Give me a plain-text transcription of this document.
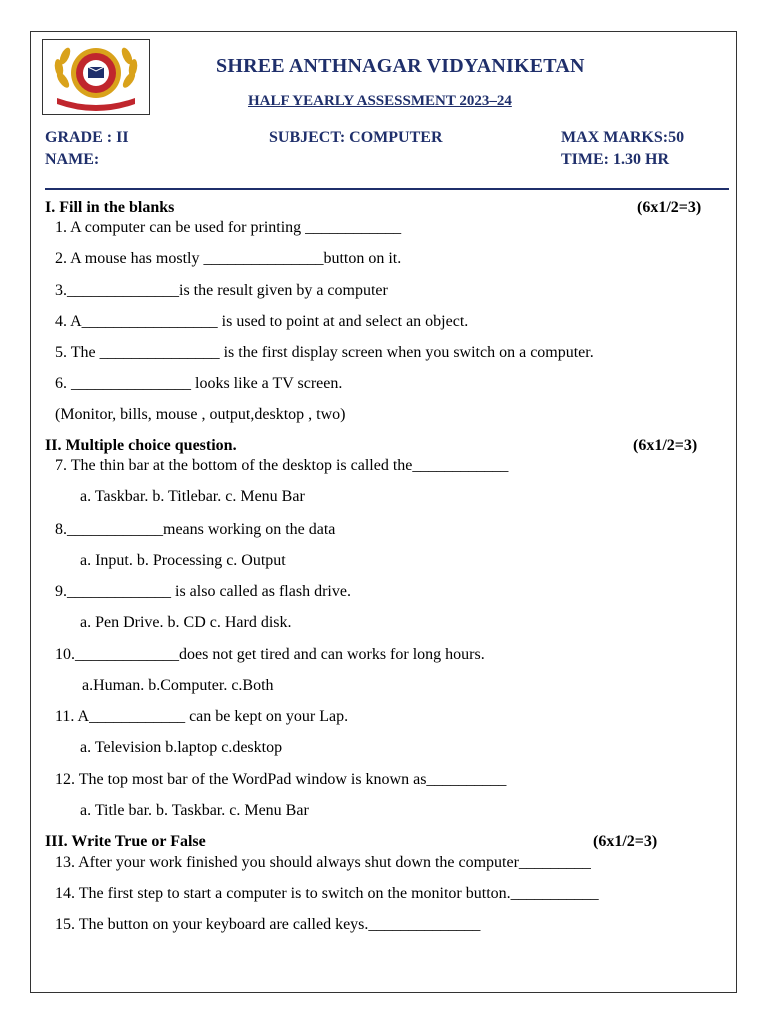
SHREE ANTHNAGAR VIDYANIKETAN
HALF YEARLY ASSESSMENT 2023–24
GRADE : II
NAME:
SUBJECT: COMPUTER	MAX MARKS:50
TIME: 1.30 HR
I. Fill in the blanks	(6x1/2=3)
1. A computer can be used for printing ____________
2. A mouse has mostly _______________button on it.
3.______________is the result given by a computer
4. A_________________ is used to point at and select an object.
5. The _______________ is the first display screen when you switch on a computer.
6. _______________ looks like a TV screen.
(Monitor, bills, mouse , output,desktop , two)
II. Multiple choice question.	(6x1/2=3)
7. The thin bar at the bottom of the desktop is called the____________
a. Taskbar. b. Titlebar. c. Menu Bar
8.____________means working on the data
a. Input. b. Processing c. Output
9._____________ is also called as flash drive.
a. Pen Drive. b. CD c. Hard disk.
10._____________does not get tired and can works for long hours.
a.Human. b.Computer. c.Both
11. A____________ can be kept on your Lap.
a. Television b.laptop c.desktop
12. The top most bar of the WordPad window is known as__________
a. Title bar. b. Taskbar. c. Menu Bar
III. Write True or False	(6x1/2=3)
13. After your work finished you should always shut down the computer_________
14. The first step to start a computer is to switch on the monitor button.___________
15. The button on your keyboard are called keys.______________
